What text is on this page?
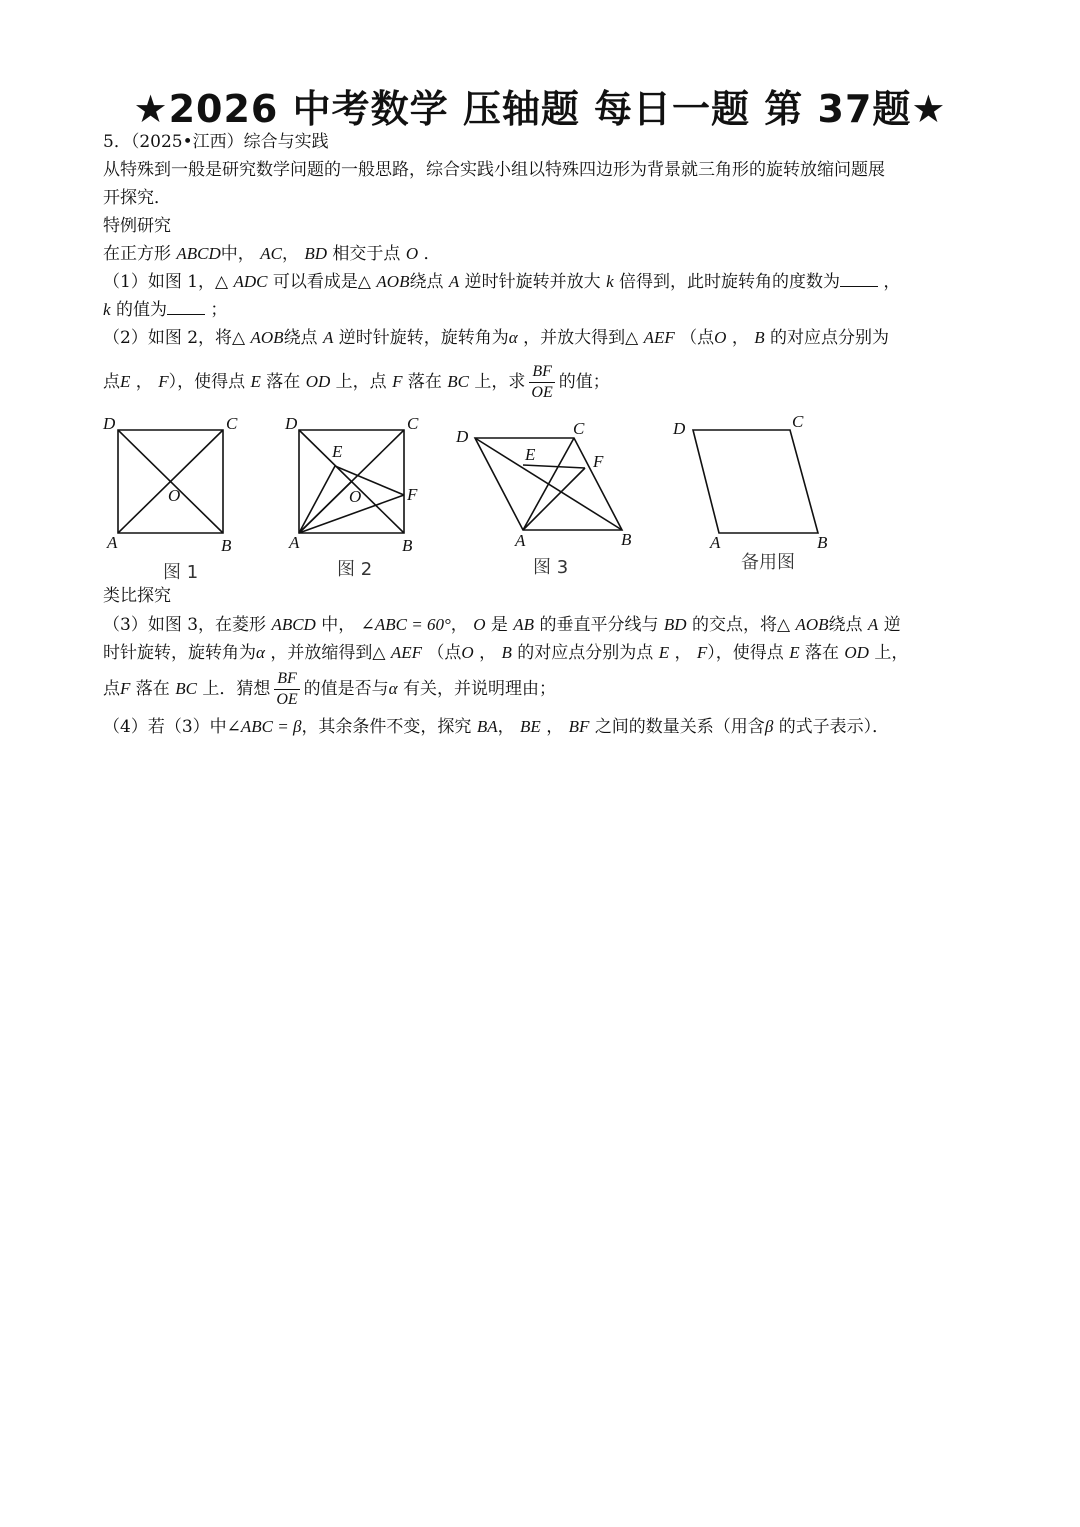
★2026 中考数学 压轴题 每日一题 第 37题★
5．（2025•江西）综合与实践
从特殊到一般是研究数学问题的一般思路，综合实践小组以特殊四边形为背景就三角形的旋转放缩问题展
开探究．
特例研究
在正方形 ABCD中， AC， BD 相交于点 O ．
（1）如图 1，△ ADC 可以看成是△ AOB绕点 A 逆时针旋转并放大 k 倍得到，此时旋转角的度数为	，
k 的值为	；
（2）如图 2，将△ AOB绕点 A 逆时针旋转，旋转角为α ，并放大得到△ AEF （点O ， B 的对应点分别为
点E ， F），使得点 E 落在 OD 上，点 F 落在 BC 上，求 $\frac{BF}{OE}$ 的值；
D	C
A	B
O
图 1
D	C
A	B
E
F
O
图 2
D	C
A	B
E	F
图 3
D	C
A	B
备用图
类比探究
（3）如图 3，在菱形 ABCD 中， ∠ABC = 60°， O 是 AB 的垂直平分线与 BD 的交点，将△ AOB绕点 A 逆
时针旋转，旋转角为α ，并放缩得到△ AEF （点O ， B 的对应点分别为点 E ， F），使得点 E 落在 OD 上，
点F 落在 BC 上．猜想 $\frac{BF}{OE}$ 的值是否与α 有关，并说明理由；
（4）若（3）中∠ABC = β，其余条件不变，探究 BA， BE ， BF 之间的数量关系（用含β 的式子表示）．
